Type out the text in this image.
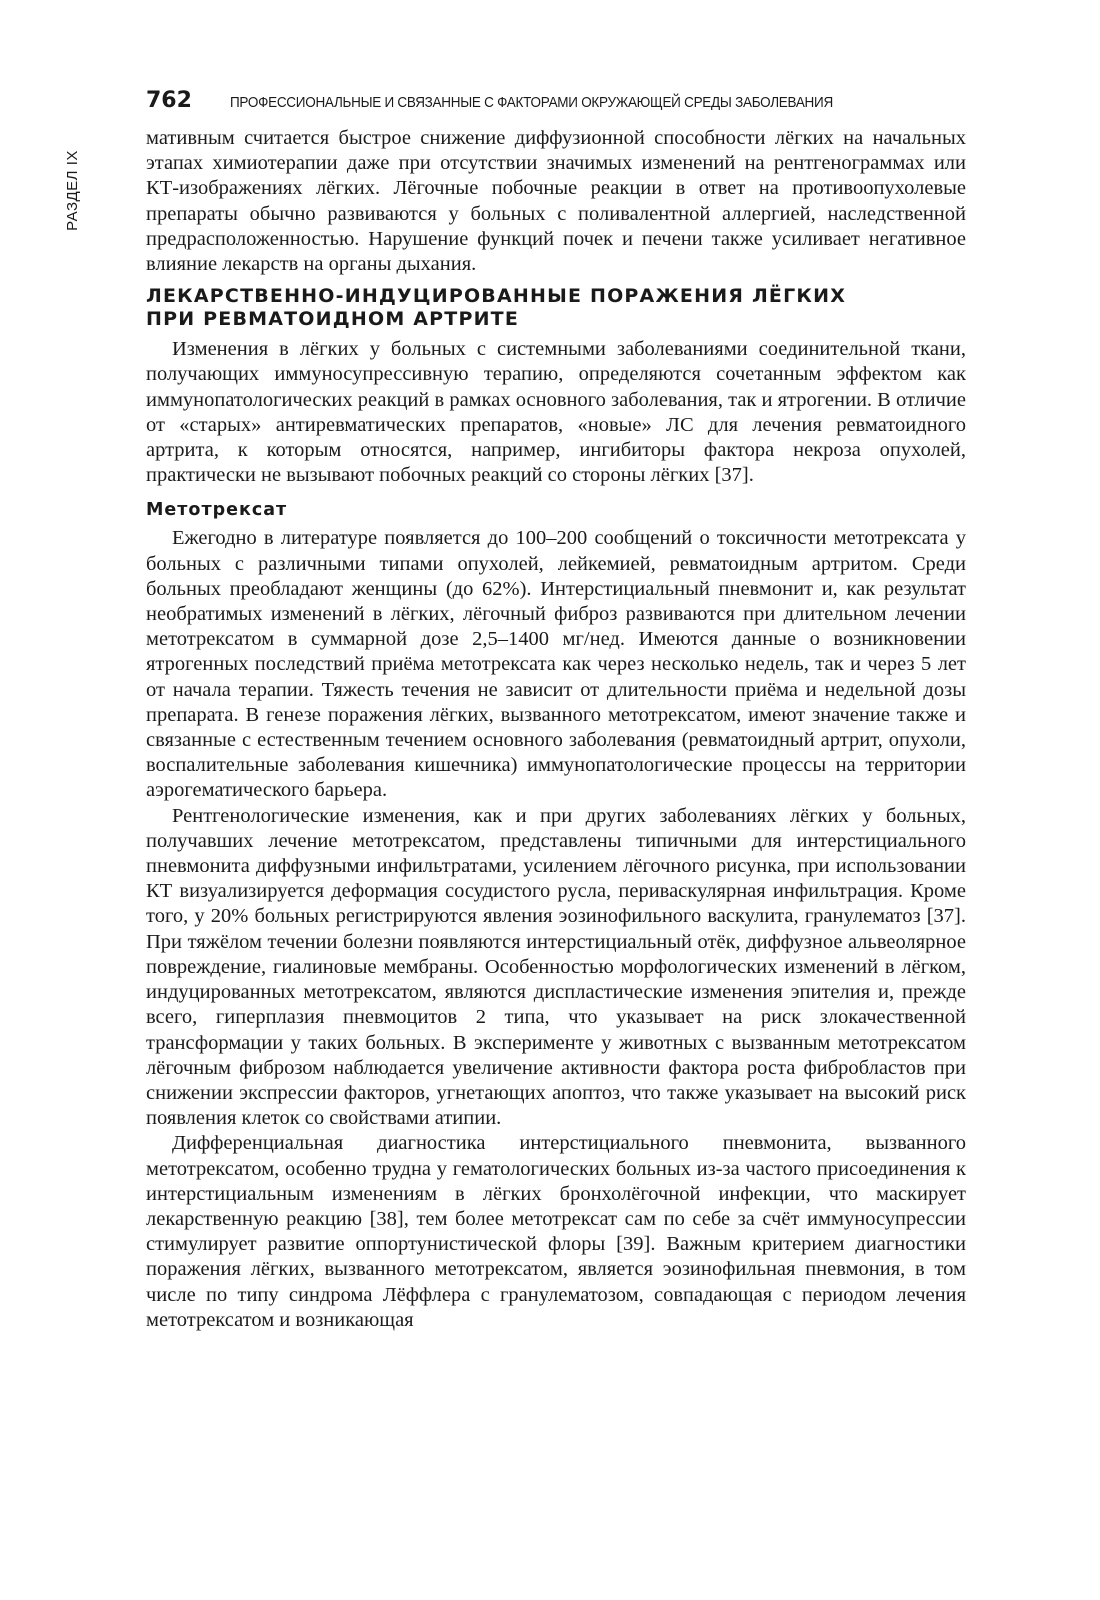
РАЗДЕЛ IX
762	ПРОФЕССИОНАЛЬНЫЕ И СВЯЗАННЫЕ С ФАКТОРАМИ ОКРУЖАЮЩЕЙ СРЕДЫ ЗАБОЛЕВАНИЯ

мативным считается быстрое снижение диффузионной способности лёгких на начальных этапах химиотерапии даже при отсутствии значимых изменений на рентгенограммах или КТ-изображениях лёгких. Лёгочные побочные реакции в ответ на противоопухолевые препараты обычно развиваются у больных с поливалентной аллергией, наследственной предрасположенностью. Нарушение функций почек и печени также усиливает негативное влияние лекарств на органы дыхания.

ЛЕКАРСТВЕННО-ИНДУЦИРОВАННЫЕ ПОРАЖЕНИЯ ЛЁГКИХ
ПРИ РЕВМАТОИДНОМ АРТРИТЕ

Изменения в лёгких у больных с системными заболеваниями соединительной ткани, получающих иммуносупрессивную терапию, определяются сочетанным эффектом как иммунопатологических реакций в рамках основного заболевания, так и ятрогении. В отличие от «старых» антиревматических препаратов, «новые» ЛС для лечения ревматоидного артрита, к которым относятся, например, ингибиторы фактора некроза опухолей, практически не вызывают побочных реакций со стороны лёгких [37].

Метотрексат

Ежегодно в литературе появляется до 100–200 сообщений о токсичности метотрексата у больных с различными типами опухолей, лейкемией, ревматоидным артритом. Среди больных преобладают женщины (до 62%). Интерстициальный пневмонит и, как результат необратимых изменений в лёгких, лёгочный фиброз развиваются при длительном лечении метотрексатом в суммарной дозе 2,5–1400 мг/нед. Имеются данные о возникновении ятрогенных последствий приёма метотрексата как через несколько недель, так и через 5 лет от начала терапии. Тяжесть течения не зависит от длительности приёма и недельной дозы препарата. В генезе поражения лёгких, вызванного метотрексатом, имеют значение также и связанные с естественным течением основного заболевания (ревматоидный артрит, опухоли, воспалительные заболевания кишечника) иммунопатологические процессы на территории аэрогематического барьера.

Рентгенологические изменения, как и при других заболеваниях лёгких у больных, получавших лечение метотрексатом, представлены типичными для интерстициального пневмонита диффузными инфильтратами, усилением лёгочного рисунка, при использовании КТ визуализируется деформация сосудистого русла, периваскулярная инфильтрация. Кроме того, у 20% больных регистрируются явления эозинофильного васкулита, гранулематоз [37]. При тяжёлом течении болезни появляются интерстициальный отёк, диффузное альвеолярное повреждение, гиалиновые мембраны. Особенностью морфологических изменений в лёгком, индуцированных метотрексатом, являются диспластические изменения эпителия и, прежде всего, гиперплазия пневмоцитов 2 типа, что указывает на риск злокачественной трансформации у таких больных. В эксперименте у животных с вызванным метотрексатом лёгочным фиброзом наблюдается увеличение активности фактора роста фибробластов при снижении экспрессии факторов, угнетающих апоптоз, что также указывает на высокий риск появления клеток со свойствами атипии.

Дифференциальная диагностика интерстициального пневмонита, вызванного метотрексатом, особенно трудна у гематологических больных из-за частого присоединения к интерстициальным изменениям в лёгких бронхолёгочной инфекции, что маскирует лекарственную реакцию [38], тем более метотрексат сам по себе за счёт иммуносупрессии стимулирует развитие оппортунистической флоры [39]. Важным критерием диагностики поражения лёгких, вызванного метотрексатом, является эозинофильная пневмония, в том числе по типу синдрома Лёффлера с гранулематозом, совпадающая с периодом лечения метотрексатом и возникающая
